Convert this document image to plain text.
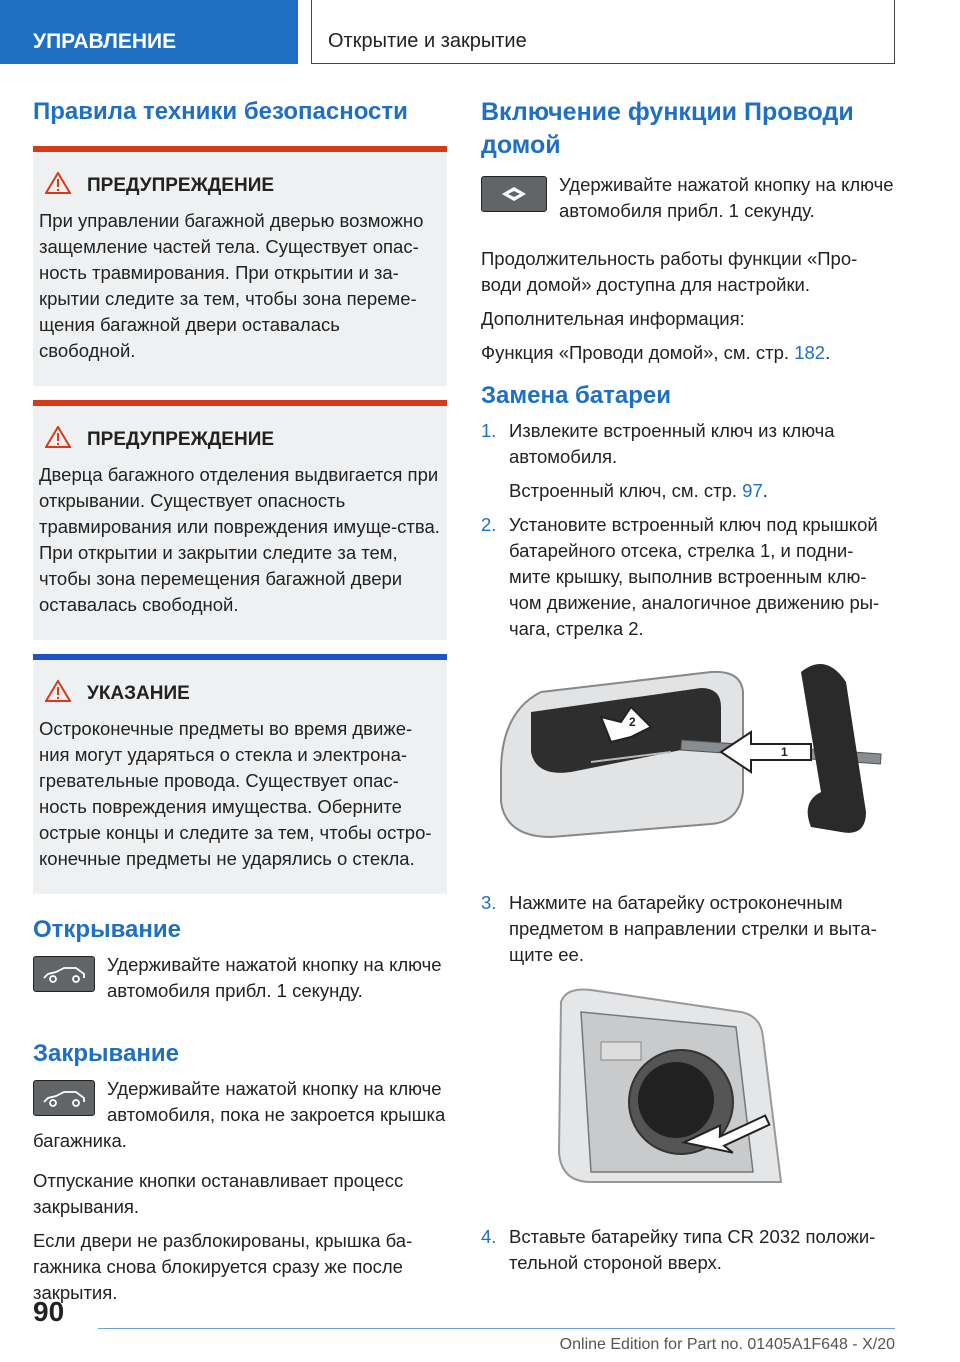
УПРАВЛЕНИЕ	Открытие и закрытие
Правила техники безопасности
ПРЕДУПРЕЖДЕНИЕ
При управлении багажной дверью возможно защемление частей тела. Существует опас-ность травмирования. При открытии и за-крытии следите за тем, чтобы зона переме-щения багажной двери оставалась свободной.
ПРЕДУПРЕЖДЕНИЕ
Дверца багажного отделения выдвигается при открывании. Существует опасность травмирования или повреждения имуще-ства. При открытии и закрытии следите за тем, чтобы зона перемещения багажной двери оставалась свободной.
УКАЗАНИЕ
Остроконечные предметы во время движе-ния могут ударяться о стекла и электрона-греватeльные провода. Существует опас-ность повреждения имущества. Оберните острые концы и следите за тем, чтобы остро-конечные предметы не ударялись о стекла.
Открывание
Удерживайте нажатой кнопку на ключе автомобиля прибл. 1 секунду.
Закрывание
Удерживайте нажатой кнопку на ключе автомобиля, пока не закроется крышка багажника.
Отпускание кнопки останавливает процесс закрывания.
Если двери не разблокированы, крышка ба-гажника снова блокируется сразу же после закрытия.
Включение функции Проводи домой
Удерживайте нажатой кнопку на ключе автомобиля прибл. 1 секунду.
Продолжительность работы функции «Про-води домой» доступна для настройки.
Дополнительная информация:
Функция «Проводи домой», см. стр. 182.
Замена батареи
1. Извлеките встроенный ключ из ключа автомобиля.
Встроенный ключ, см. стр. 97.
2. Установите встроенный ключ под крышкой батарейного отсека, стрелка 1, и подни-мите крышку, выполнив встроенным клю-чом движение, аналогичное движению ры-чага, стрелка 2.
2
1
3. Нажмите на батарейку остроконечным предметом в направлении стрелки и выта-щите ее.
4. Вставьте батарейку типа CR 2032 положи-тельной стороной вверх.
90
Online Edition for Part no. 01405A1F648 - X/20
